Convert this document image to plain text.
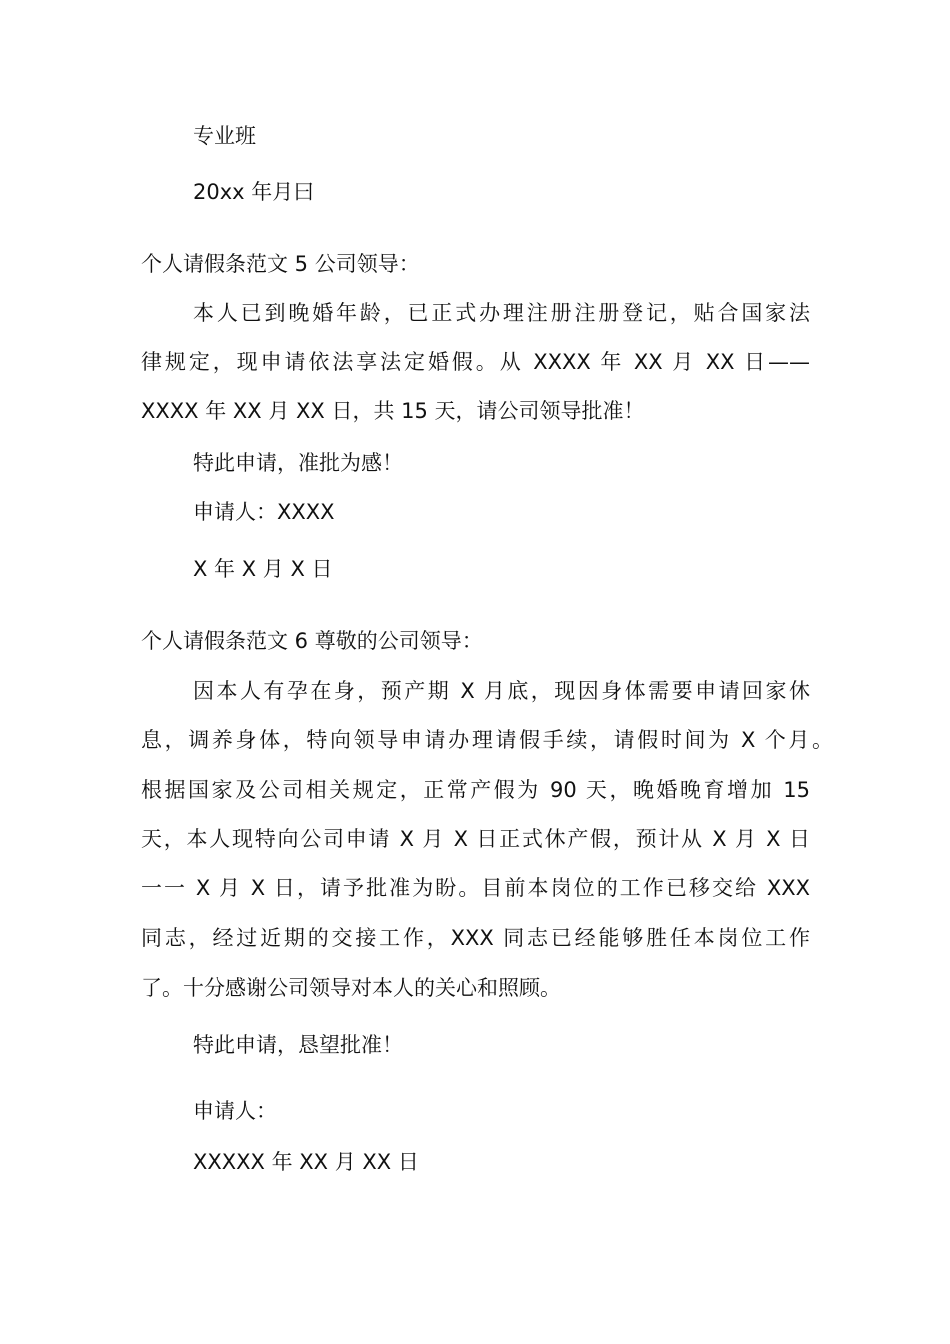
专业班

20xx 年月曰

个人请假条范文 5 公司领导：

本人已到晚婚年龄，已正式办理注册注册登记，贴合国家法

律规定，现申请依法享法定婚假。从 XXXX 年 XX 月 XX 日——

XXXX 年 XX 月 XX 日，共 15 天，请公司领导批准！

特此申请，准批为感！

申请人：XXXX

X 年 X 月 X 日

个人请假条范文 6 尊敬的公司领导：

因本人有孕在身，预产期 X 月底，现因身体需要申请回家休

息，调养身体，特向领导申请办理请假手续，请假时间为 X 个月。

根据国家及公司相关规定，正常产假为 90 天，晚婚晚育增加 15

天，本人现特向公司申请 X 月 X 日正式休产假，预计从 X 月 X 日

一一 X 月 X 日，请予批准为盼。目前本岗位的工作已移交给 XXX

同志，经过近期的交接工作，XXX 同志已经能够胜任本岗位工作

了。十分感谢公司领导对本人的关心和照顾。

特此申请，恳望批准！

申请人：

XXXXX 年 XX 月 XX 日
